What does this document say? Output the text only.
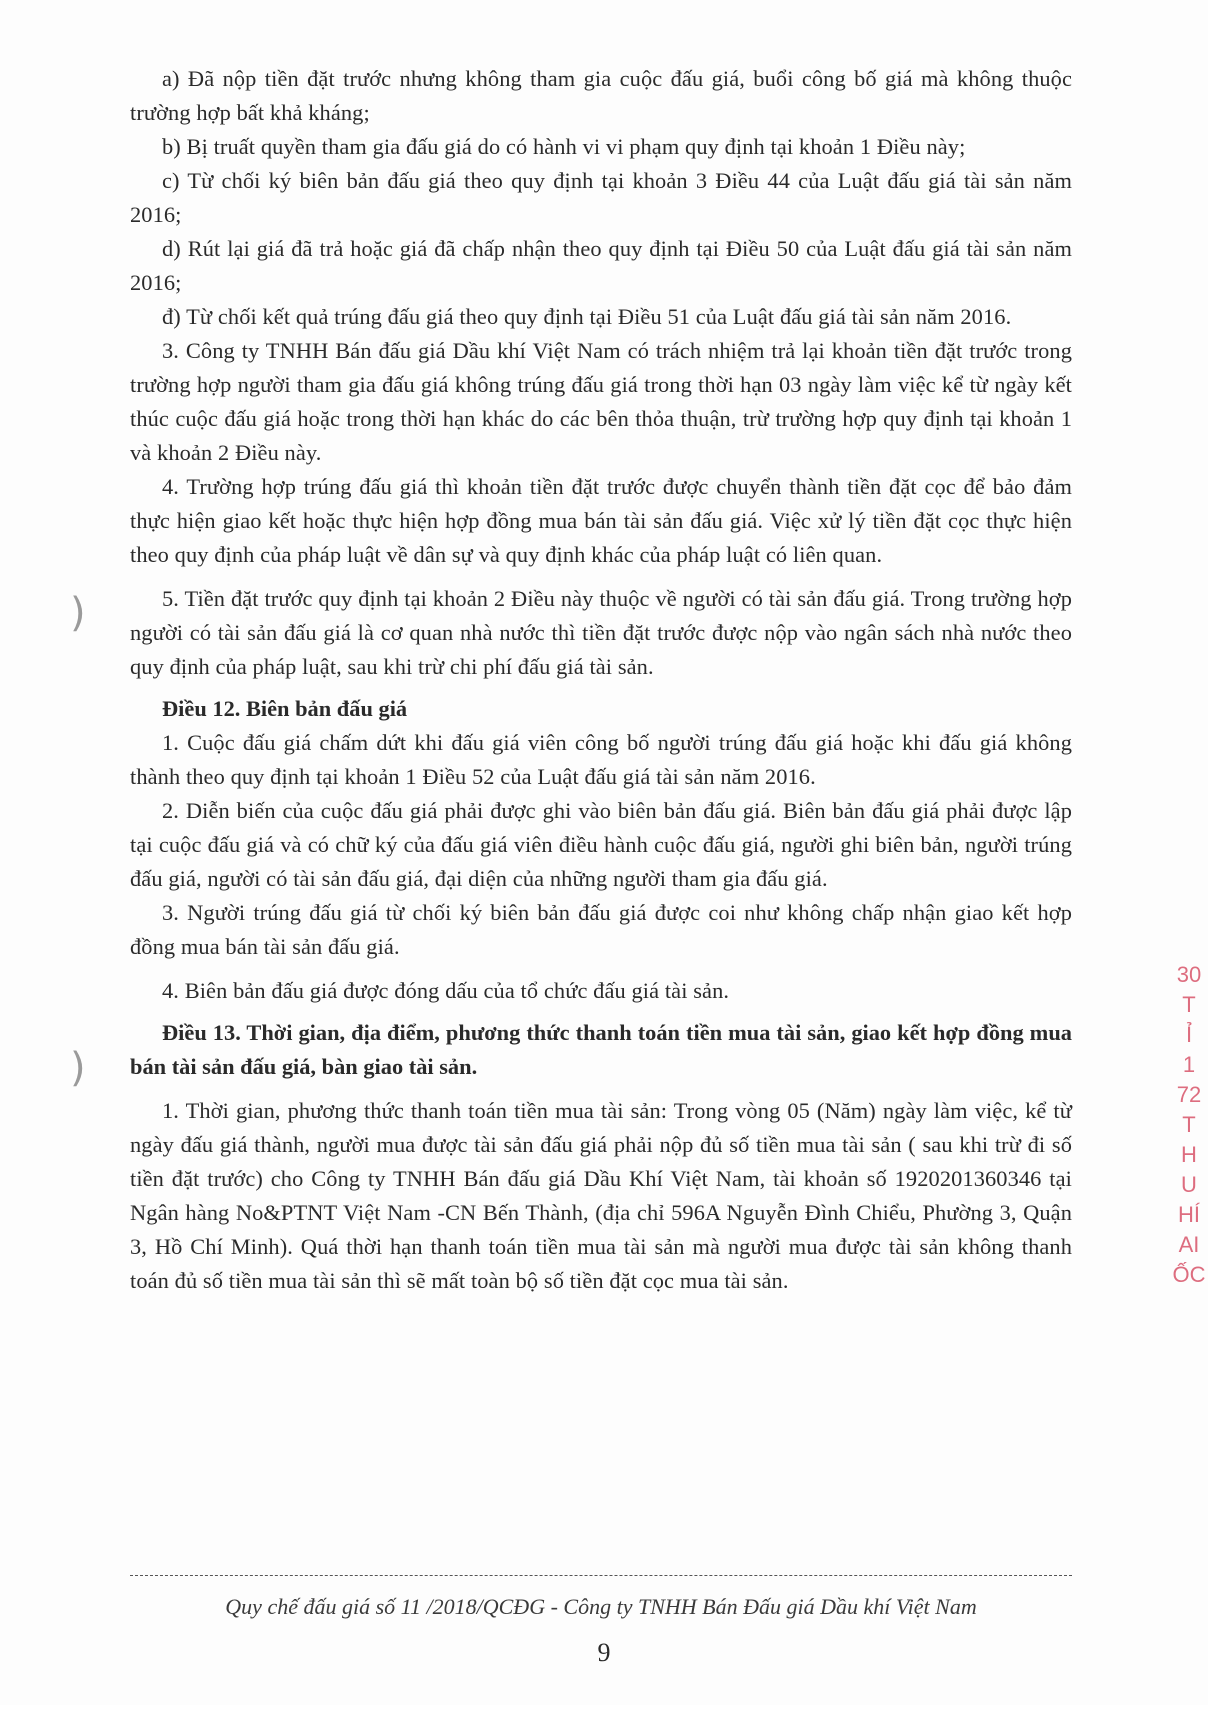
a) Đã nộp tiền đặt trước nhưng không tham gia cuộc đấu giá, buổi công bố giá mà không thuộc trường hợp bất khả kháng;

b) Bị truất quyền tham gia đấu giá do có hành vi vi phạm quy định tại khoản 1 Điều này;

c) Từ chối ký biên bản đấu giá theo quy định tại khoản 3 Điều 44 của Luật đấu giá tài sản năm 2016;

d) Rút lại giá đã trả hoặc giá đã chấp nhận theo quy định tại Điều 50 của Luật đấu giá tài sản năm 2016;

đ) Từ chối kết quả trúng đấu giá theo quy định tại Điều 51 của Luật đấu giá tài sản năm 2016.

3. Công ty TNHH Bán đấu giá Dầu khí Việt Nam có trách nhiệm trả lại khoản tiền đặt trước trong trường hợp người tham gia đấu giá không trúng đấu giá trong thời hạn 03 ngày làm việc kể từ ngày kết thúc cuộc đấu giá hoặc trong thời hạn khác do các bên thỏa thuận, trừ trường hợp quy định tại khoản 1 và khoản 2 Điều này.

4. Trường hợp trúng đấu giá thì khoản tiền đặt trước được chuyển thành tiền đặt cọc để bảo đảm thực hiện giao kết hoặc thực hiện hợp đồng mua bán tài sản đấu giá. Việc xử lý tiền đặt cọc thực hiện theo quy định của pháp luật về dân sự và quy định khác của pháp luật có liên quan.

5. Tiền đặt trước quy định tại khoản 2 Điều này thuộc về người có tài sản đấu giá. Trong trường hợp người có tài sản đấu giá là cơ quan nhà nước thì tiền đặt trước được nộp vào ngân sách nhà nước theo quy định của pháp luật, sau khi trừ chi phí đấu giá tài sản.

Điều 12. Biên bản đấu giá

1. Cuộc đấu giá chấm dứt khi đấu giá viên công bố người trúng đấu giá hoặc khi đấu giá không thành theo quy định tại khoản 1 Điều 52 của Luật đấu giá tài sản năm 2016.

2. Diễn biến của cuộc đấu giá phải được ghi vào biên bản đấu giá. Biên bản đấu giá phải được lập tại cuộc đấu giá và có chữ ký của đấu giá viên điều hành cuộc đấu giá, người ghi biên bản, người trúng đấu giá, người có tài sản đấu giá, đại diện của những người tham gia đấu giá.

3. Người trúng đấu giá từ chối ký biên bản đấu giá được coi như không chấp nhận giao kết hợp đồng mua bán tài sản đấu giá.

4. Biên bản đấu giá được đóng dấu của tổ chức đấu giá tài sản.

Điều 13. Thời gian, địa điểm, phương thức thanh toán tiền mua tài sản, giao kết hợp đồng mua bán tài sản đấu giá, bàn giao tài sản.

1. Thời gian, phương thức thanh toán tiền mua tài sản: Trong vòng 05 (Năm) ngày làm việc, kể từ ngày đấu giá thành, người mua được tài sản đấu giá phải nộp đủ số tiền mua tài sản ( sau khi trừ đi số tiền đặt trước) cho Công ty TNHH Bán đấu giá Dầu Khí Việt Nam, tài khoản số 1920201360346 tại Ngân hàng No&PTNT Việt Nam -CN Bến Thành, (địa chỉ 596A Nguyễn Đình Chiểu, Phường 3, Quận 3, Hồ Chí Minh). Quá thời hạn thanh toán tiền mua tài sản mà người mua được tài sản không thanh toán đủ số tiền mua tài sản thì sẽ mất toàn bộ số tiền đặt cọc mua tài sản.

Quy chế đấu giá số 11 /2018/QCĐG - Công ty TNHH Bán Đấu giá Dầu khí Việt Nam
9
30
T
Ỉ
1
72
T
H
U
HÍ
AI
ỐC
)
)
